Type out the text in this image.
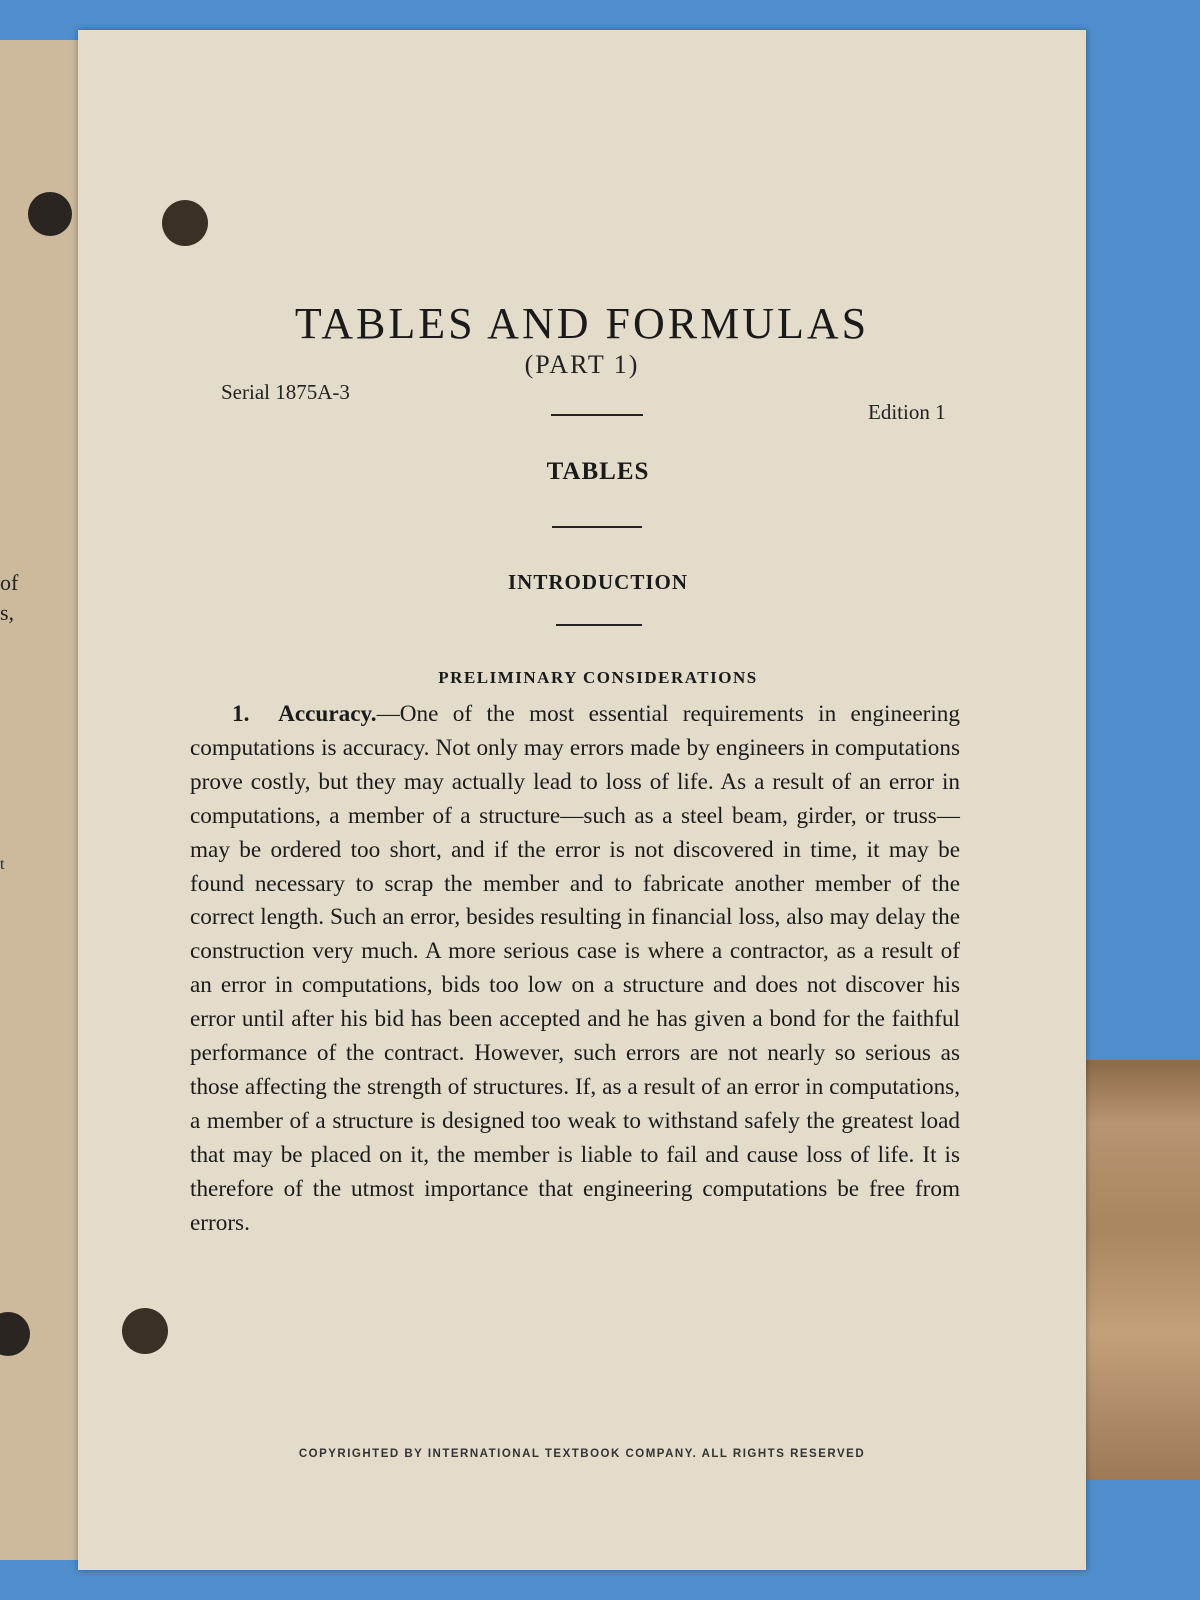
of
s,
t
TABLES AND FORMULAS
(PART 1)
Serial 1875A-3
Edition 1
TABLES
INTRODUCTION
PRELIMINARY CONSIDERATIONS
1. Accuracy.—One of the most essential requirements in engineering computations is accuracy. Not only may errors made by engineers in computations prove costly, but they may actually lead to loss of life. As a result of an error in computations, a member of a structure—such as a steel beam, girder, or truss—may be ordered too short, and if the error is not discovered in time, it may be found necessary to scrap the member and to fabricate another member of the correct length. Such an error, besides resulting in financial loss, also may delay the construction very much. A more serious case is where a contractor, as a result of an error in computations, bids too low on a structure and does not discover his error until after his bid has been accepted and he has given a bond for the faithful performance of the contract. However, such errors are not nearly so serious as those affecting the strength of structures. If, as a result of an error in computations, a member of a structure is designed too weak to withstand safely the greatest load that may be placed on it, the member is liable to fail and cause loss of life. It is therefore of the utmost importance that engineering computations be free from errors.
COPYRIGHTED BY INTERNATIONAL TEXTBOOK COMPANY. ALL RIGHTS RESERVED
